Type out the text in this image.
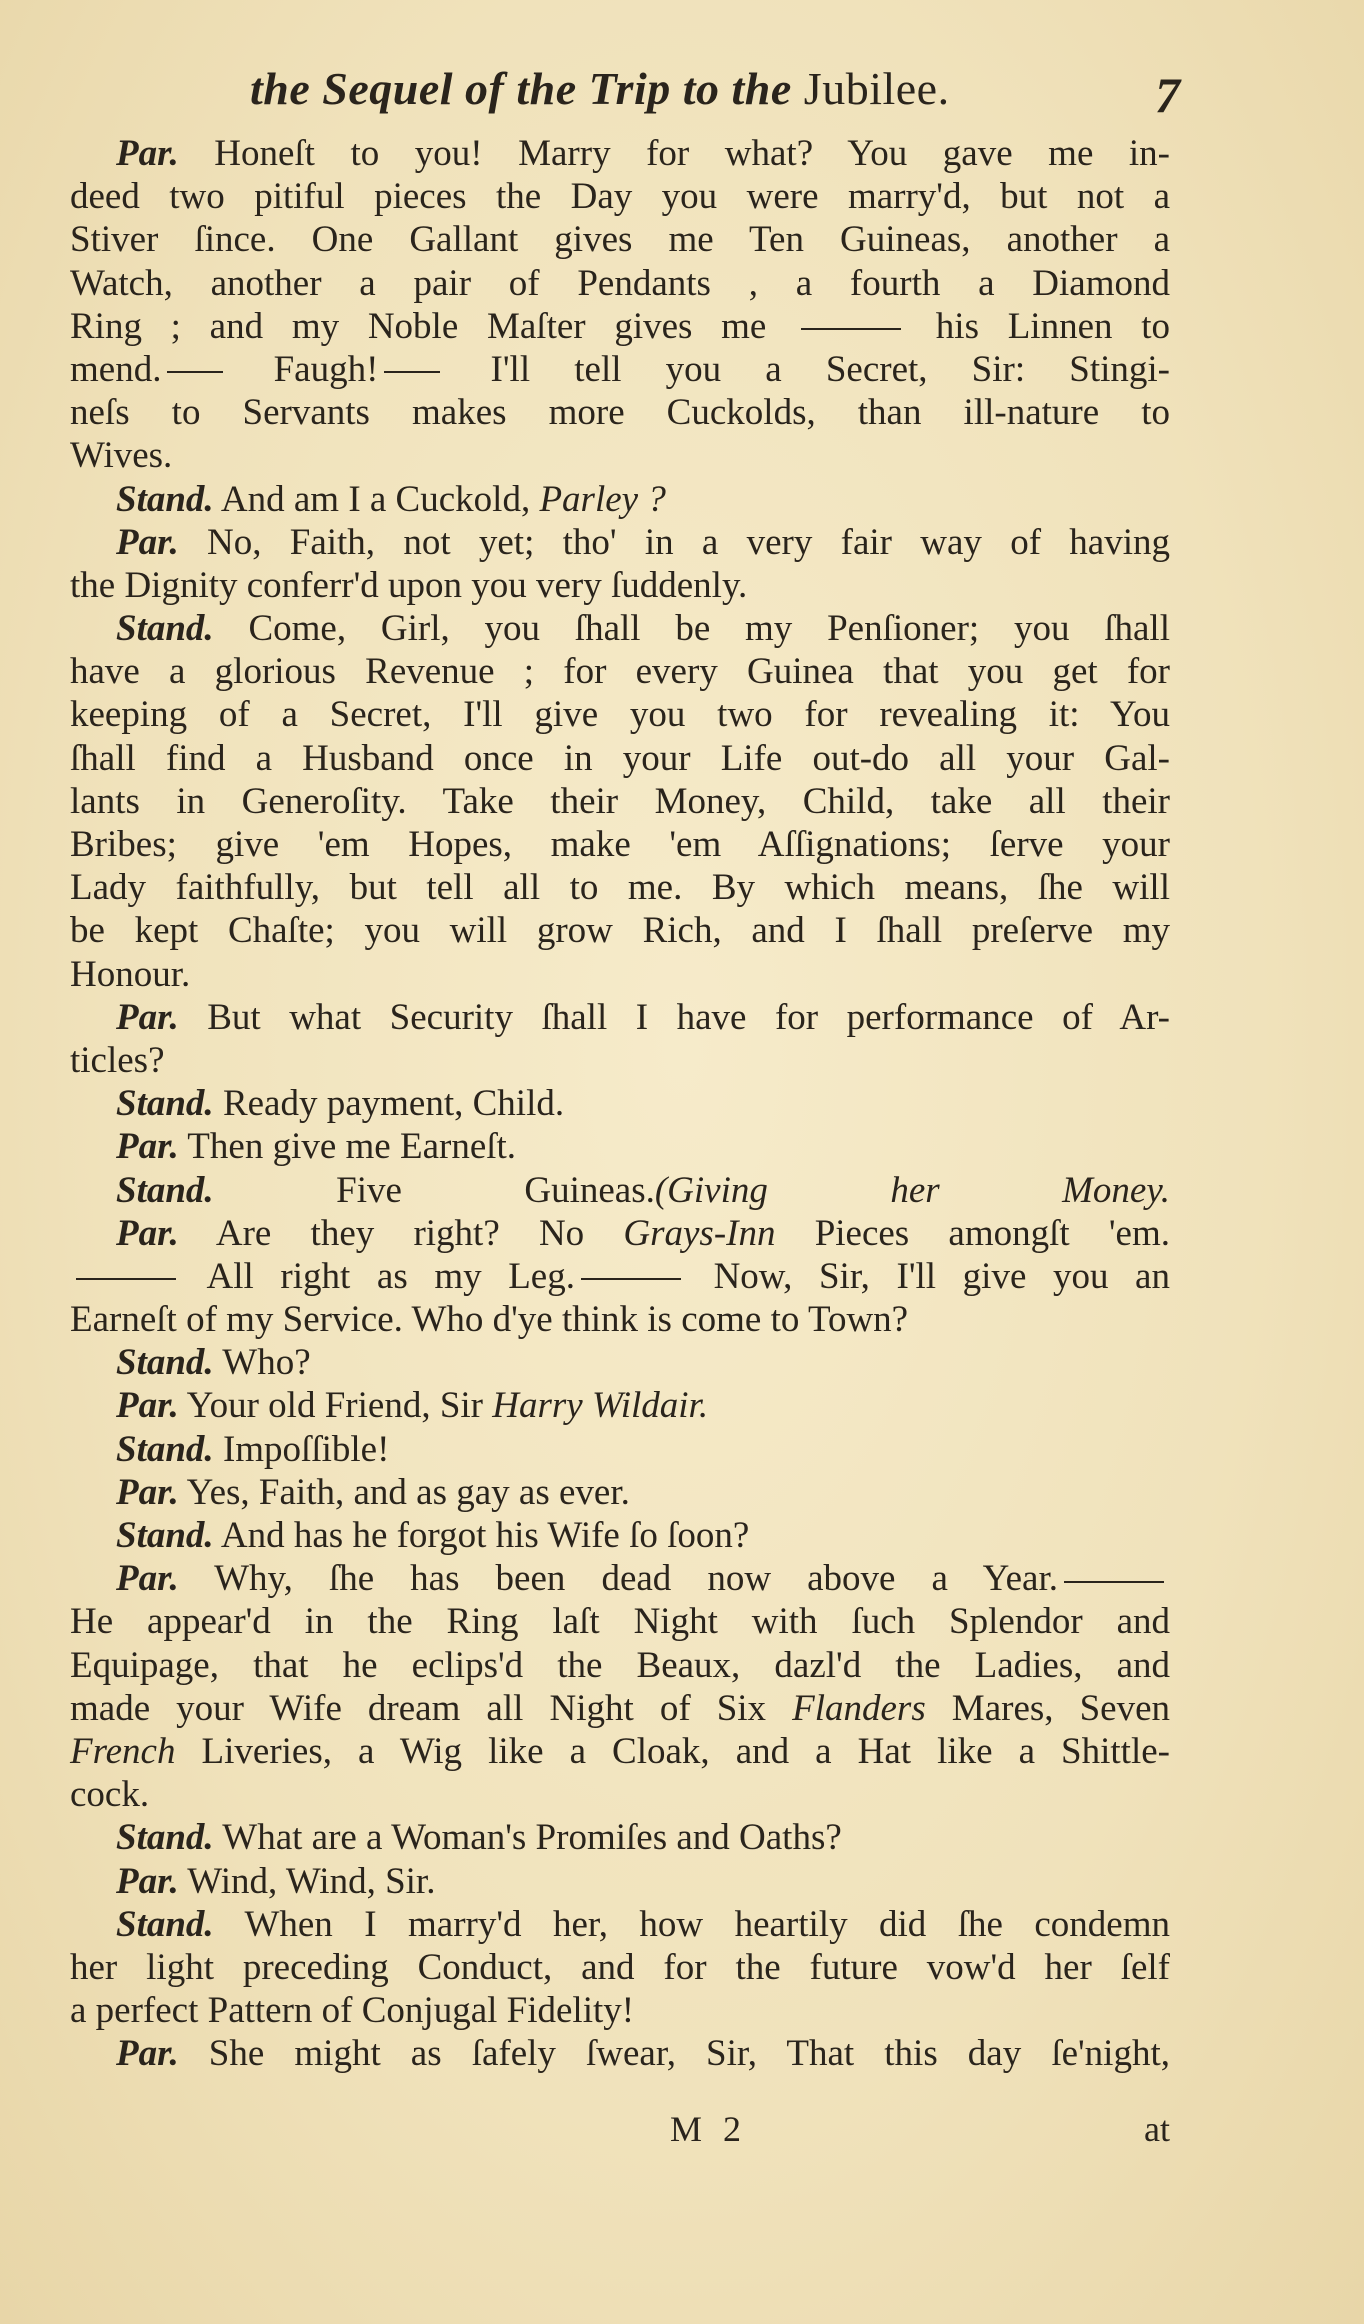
the Sequel of the Trip to the Jubilee.	7
Par. Honeſt to you! Marry for what? You gave me in-
deed two pitiful pieces the Day you were marry'd, but not a
Stiver ſince. One Gallant gives me Ten Guineas, another a
Watch, another a pair of Pendants , a fourth a Diamond
Ring ; and my Noble Maſter gives me	his Linnen to
mend. Faugh! I'll tell you a Secret, Sir: Stingi-
neſs to Servants makes more Cuckolds, than ill-nature to
Wives.
Stand. And am I a Cuckold, Parley ?
Par. No, Faith, not yet; tho' in a very fair way of having
the Dignity conferr'd upon you very ſuddenly.
Stand. Come, Girl, you ſhall be my Penſioner; you ſhall
have a glorious Revenue ; for every Guinea that you get for
keeping of a Secret, I'll give you two for revealing it: You
ſhall find a Husband once in your Life out-do all your Gal-
lants in Generoſity. Take their Money, Child, take all their
Bribes; give 'em Hopes, make 'em Aſſignations; ſerve your
Lady faithfully, but tell all to me. By which means, ſhe will
be kept Chaſte; you will grow Rich, and I ſhall preſerve my
Honour.
Par. But what Security ſhall I have for performance of Ar-
ticles?
Stand. Ready payment, Child.
Par. Then give me Earneſt.
Stand. Five Guineas.(Giving her Money.
Par. Are they right? No Grays-Inn Pieces amongſt 'em.
All right as my Leg.	Now, Sir, I'll give you an
Earneſt of my Service. Who d'ye think is come to Town?
Stand. Who?
Par. Your old Friend, Sir Harry Wildair.
Stand. Impoſſible!
Par. Yes, Faith, and as gay as ever.
Stand. And has he forgot his Wife ſo ſoon?
Par. Why, ſhe has been dead now above a Year.
He appear'd in the Ring laſt Night with ſuch Splendor and
Equipage, that he eclips'd the Beaux, dazl'd the Ladies, and
made your Wife dream all Night of Six Flanders Mares, Seven
French Liveries, a Wig like a Cloak, and a Hat like a Shittle-
cock.
Stand. What are a Woman's Promiſes and Oaths?
Par. Wind, Wind, Sir.
Stand. When I marry'd her, how heartily did ſhe condemn
her light preceding Conduct, and for the future vow'd her ſelf
a perfect Pattern of Conjugal Fidelity!
Par. She might as ſafely ſwear, Sir, That this day ſe'night,
M 2	at
